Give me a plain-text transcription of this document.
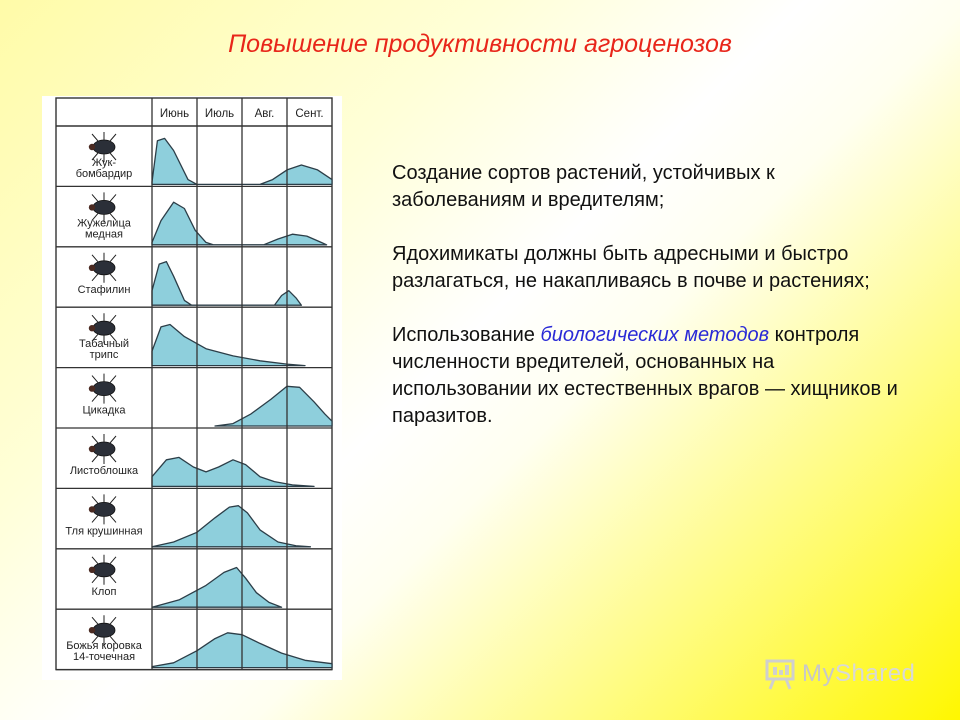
Повышение продуктивности агроценозов
Июнь Июль Авг. Сент.
Жук-бомбардир
Жужелица медная
Стафилин
Табачный трипс
Цикадка
Листоблошка
Тля крушинная
Клоп
Божья коровка 14-точечная

Создание сортов растений, устойчивых к заболеваниям и вредителям;

Ядохимикаты должны быть адресными и быстро разлагаться, не накапливаясь в почве и растениях;

Использование биологических методов контроля численности вредителей, основанных на использовании их естественных врагов — хищников и паразитов.

MyShared
